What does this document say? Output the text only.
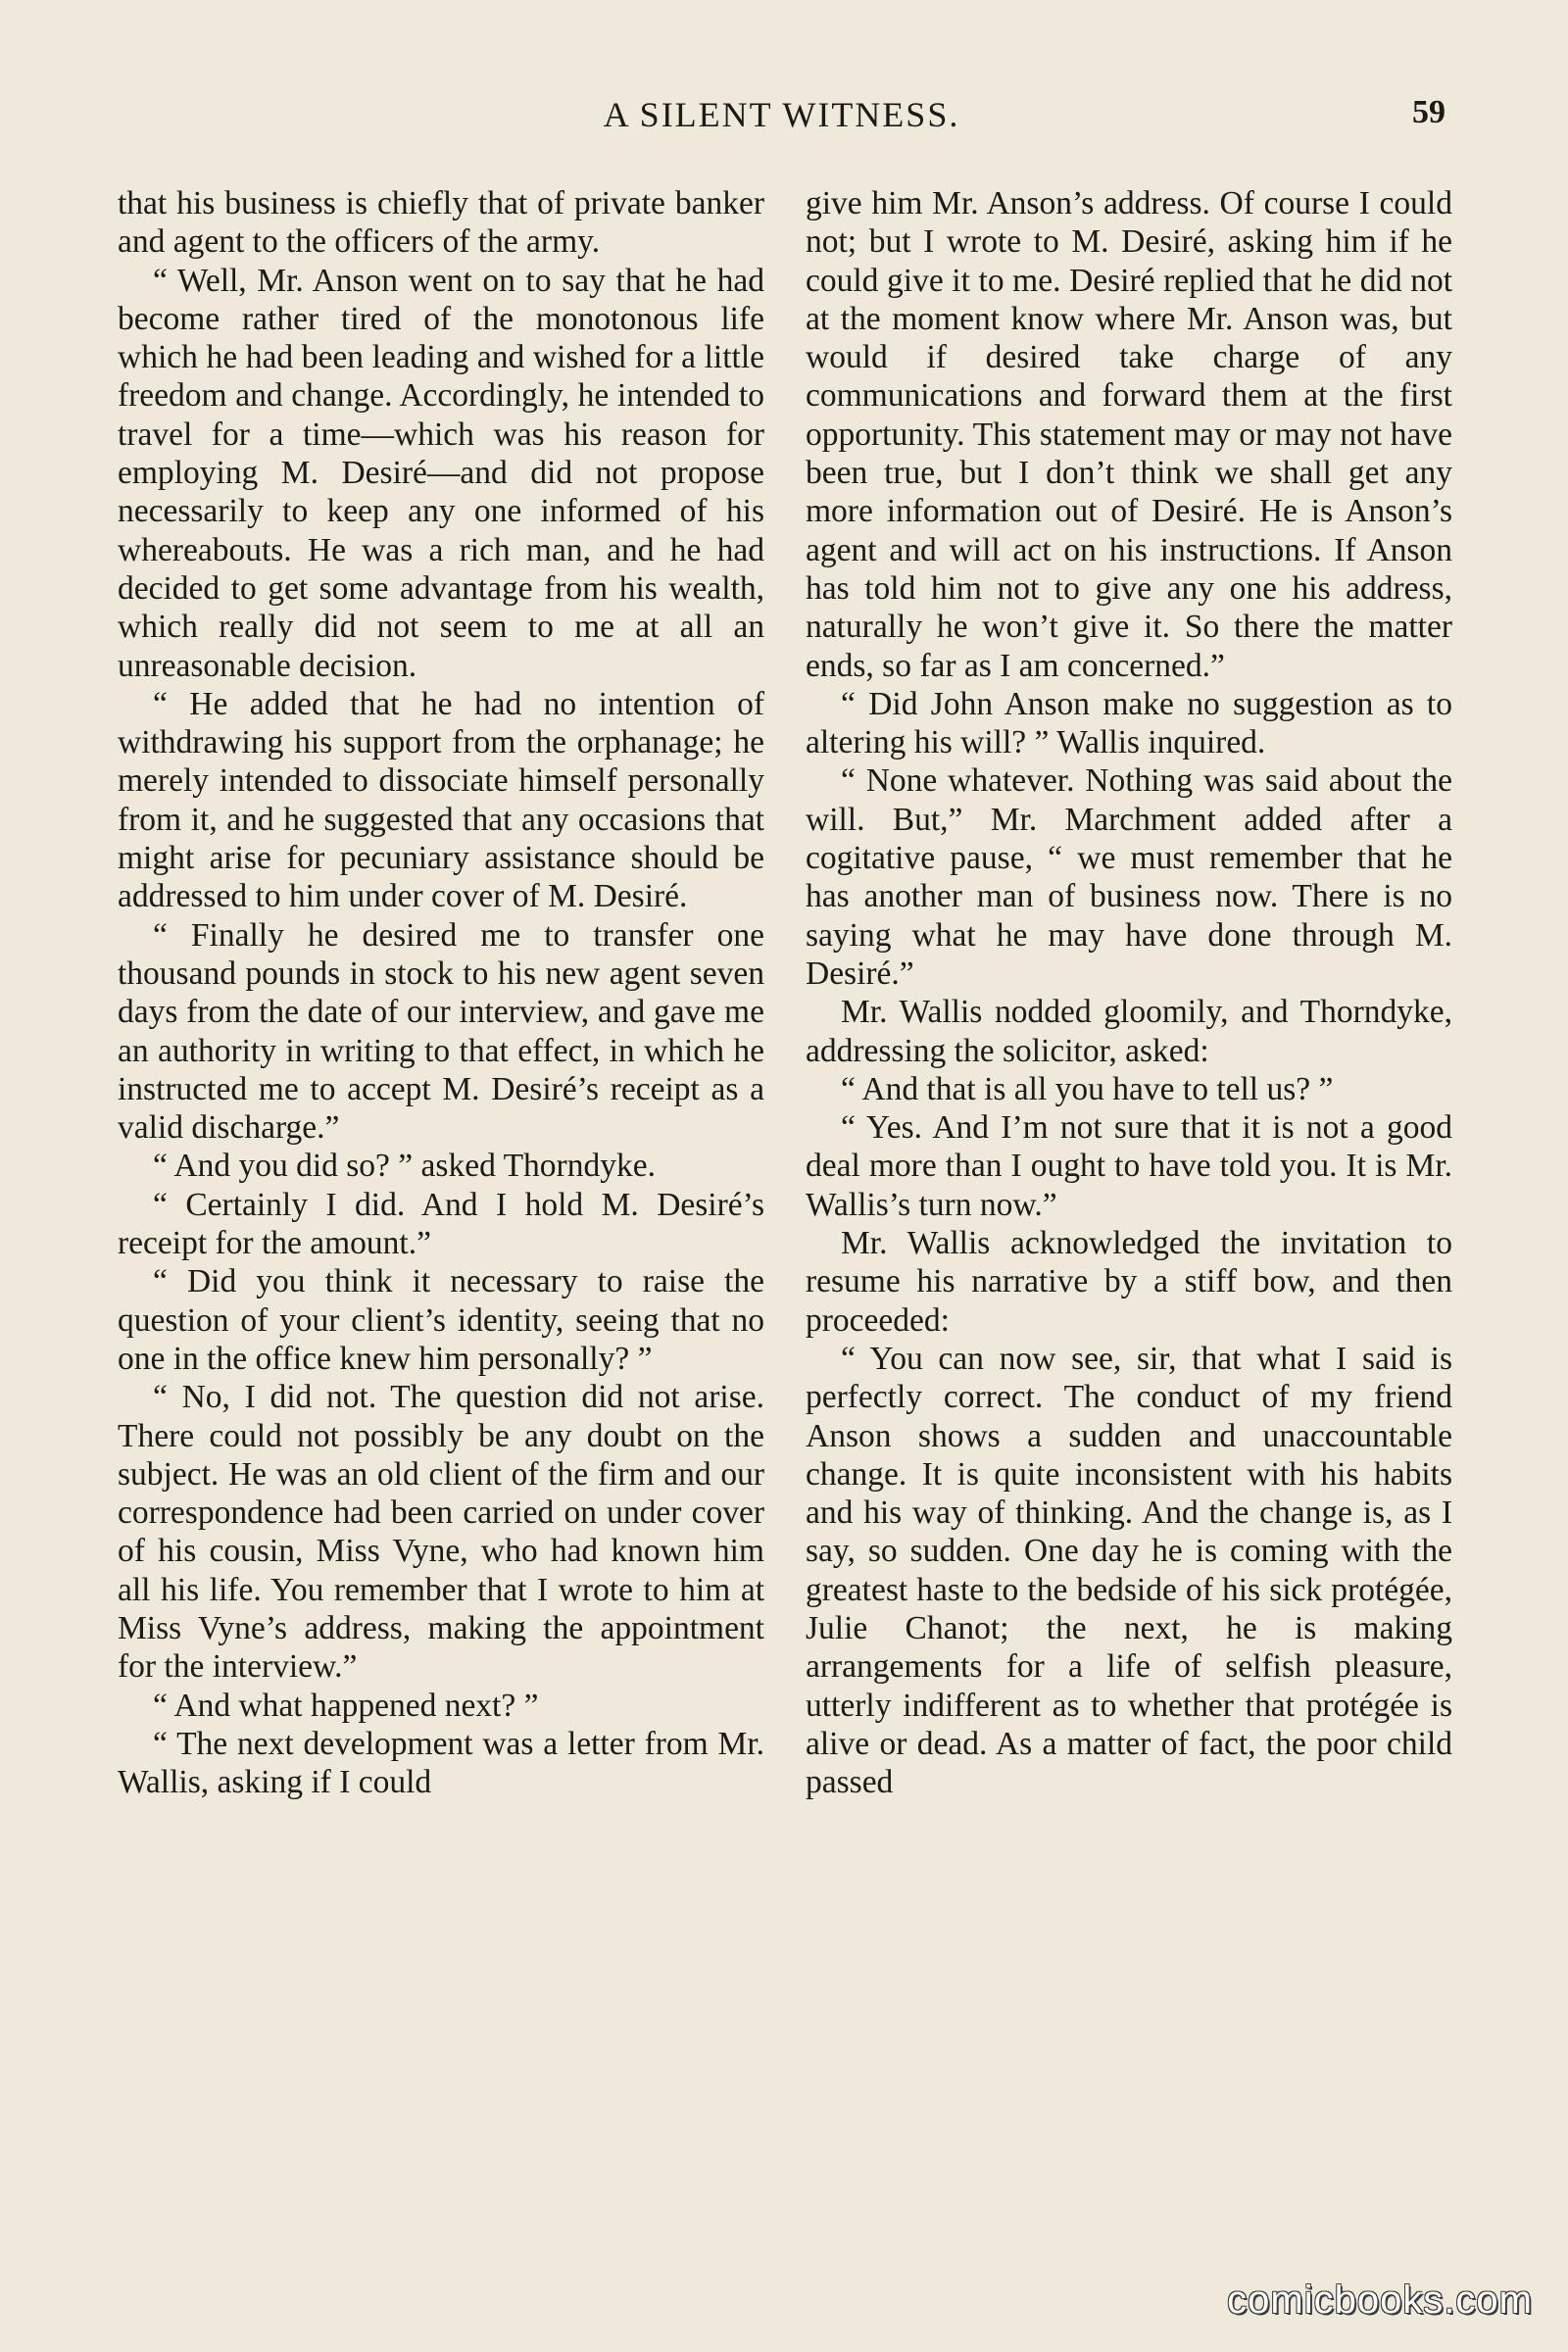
A SILENT WITNESS.	59

that his business is chiefly that of private banker and agent to the officers of the army.

“ Well, Mr. Anson went on to say that he had become rather tired of the monotonous life which he had been leading and wished for a little freedom and change. Accordingly, he intended to travel for a time—which was his reason for employing M. Desiré—and did not propose necessarily to keep any one informed of his whereabouts. He was a rich man, and he had decided to get some advantage from his wealth, which really did not seem to me at all an unreasonable decision.

“ He added that he had no intention of withdrawing his support from the orphanage; he merely intended to dissociate himself personally from it, and he suggested that any occasions that might arise for pecuniary assistance should be addressed to him under cover of M. Desiré.

“ Finally he desired me to transfer one thousand pounds in stock to his new agent seven days from the date of our interview, and gave me an authority in writing to that effect, in which he instructed me to accept M. Desiré’s receipt as a valid discharge.”

“ And you did so? ” asked Thorndyke.

“ Certainly I did. And I hold M. Desiré’s receipt for the amount.”

“ Did you think it necessary to raise the question of your client’s identity, seeing that no one in the office knew him personally? ”

“ No, I did not. The question did not arise. There could not possibly be any doubt on the subject. He was an old client of the firm and our correspondence had been carried on under cover of his cousin, Miss Vyne, who had known him all his life. You remember that I wrote to him at Miss Vyne’s address, making the appointment for the interview.”

“ And what happened next? ”

“ The next development was a letter from Mr. Wallis, asking if I could

give him Mr. Anson’s address. Of course I could not; but I wrote to M. Desiré, asking him if he could give it to me. Desiré replied that he did not at the moment know where Mr. Anson was, but would if desired take charge of any communications and forward them at the first opportunity. This statement may or may not have been true, but I don’t think we shall get any more information out of Desiré. He is Anson’s agent and will act on his instructions. If Anson has told him not to give any one his address, naturally he won’t give it. So there the matter ends, so far as I am concerned.”

“ Did John Anson make no suggestion as to altering his will? ” Wallis inquired.

“ None whatever. Nothing was said about the will. But,” Mr. Marchment added after a cogitative pause, “ we must remember that he has another man of business now. There is no saying what he may have done through M. Desiré.”

Mr. Wallis nodded gloomily, and Thorndyke, addressing the solicitor, asked:

“ And that is all you have to tell us? ”

“ Yes. And I’m not sure that it is not a good deal more than I ought to have told you. It is Mr. Wallis’s turn now.”

Mr. Wallis acknowledged the invitation to resume his narrative by a stiff bow, and then proceeded:

“ You can now see, sir, that what I said is perfectly correct. The conduct of my friend Anson shows a sudden and unaccountable change. It is quite inconsistent with his habits and his way of thinking. And the change is, as I say, so sudden. One day he is coming with the greatest haste to the bedside of his sick protégée, Julie Chanot; the next, he is making arrangements for a life of selfish pleasure, utterly indifferent as to whether that protégée is alive or dead. As a matter of fact, the poor child passed

comicbooks.com
